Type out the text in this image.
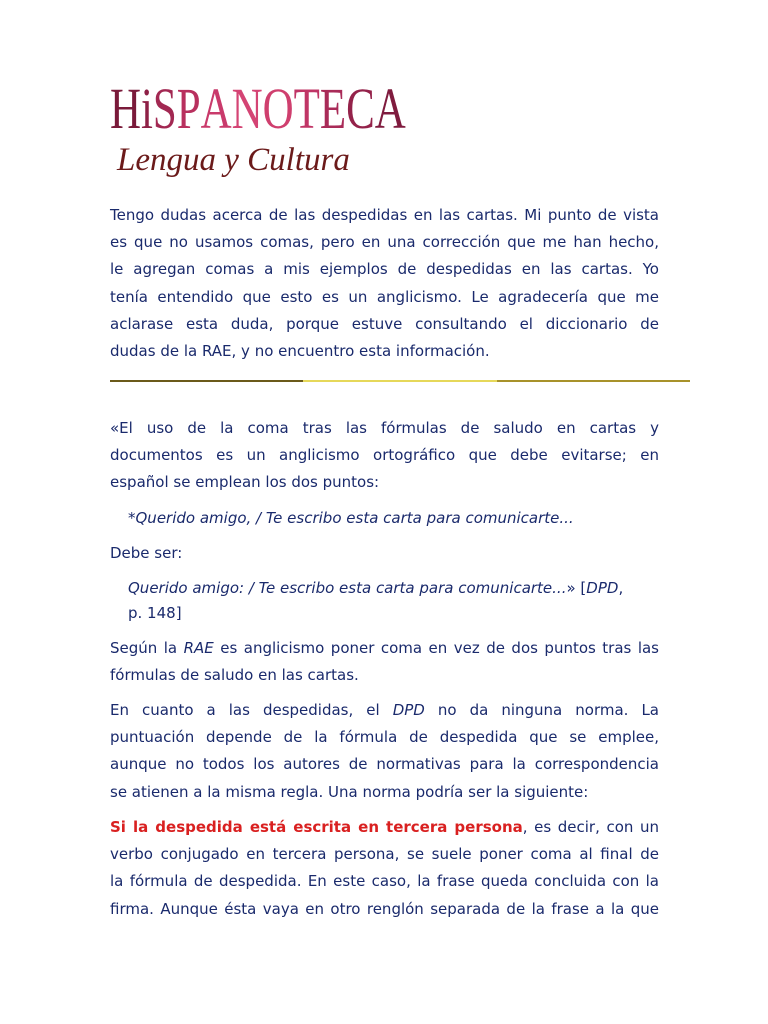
HiSPANOTECA
Lengua y Cultura
Tengo dudas acerca de las despedidas en las cartas. Mi punto de vista
es que no usamos comas, pero en una corrección que me han hecho,
le agregan comas a mis ejemplos de despedidas en las cartas. Yo
tenía entendido que esto es un anglicismo. Le agradecería que me
aclarase esta duda, porque estuve consultando el diccionario de
dudas de la RAE, y no encuentro esta información.
«El uso de la coma tras las fórmulas de saludo en cartas y
documentos es un anglicismo ortográfico que debe evitarse; en
español se emplean los dos puntos:
*Querido amigo, / Te escribo esta carta para comunicarte...
Debe ser:
Querido amigo: / Te escribo esta carta para comunicarte...» [DPD,
p. 148]
Según la RAE es anglicismo poner coma en vez de dos puntos tras las
fórmulas de saludo en las cartas.
En cuanto a las despedidas, el DPD no da ninguna norma. La
puntuación depende de la fórmula de despedida que se emplee,
aunque no todos los autores de normativas para la correspondencia
se atienen a la misma regla. Una norma podría ser la siguiente:
Si la despedida está escrita en tercera persona, es decir, con un
verbo conjugado en tercera persona, se suele poner coma al final de
la fórmula de despedida. En este caso, la frase queda concluida con la
firma. Aunque ésta vaya en otro renglón separada de la frase a la que
